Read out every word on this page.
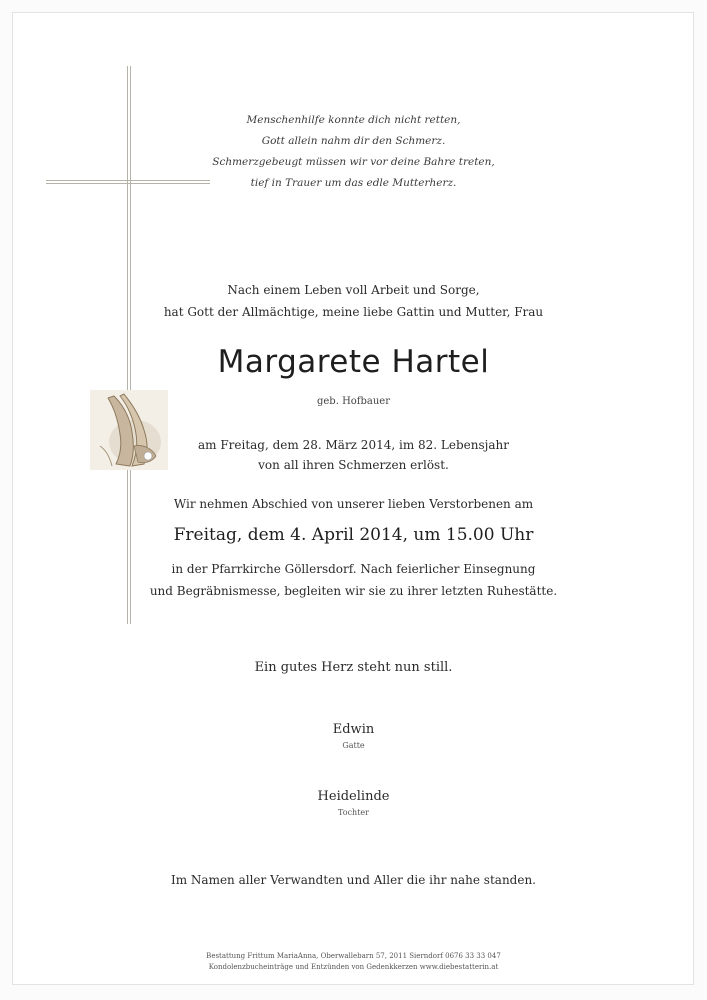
Menschenhilfe konnte dich nicht retten,
Gott allein nahm dir den Schmerz.
Schmerzgebeugt müssen wir vor deine Bahre treten,
tief in Trauer um das edle Mutterherz.
Nach einem Leben voll Arbeit und Sorge,
hat Gott der Allmächtige, meine liebe Gattin und Mutter, Frau
Margarete Hartel
geb. Hofbauer
am Freitag, dem 28. März 2014, im 82. Lebensjahr
von all ihren Schmerzen erlöst.
Wir nehmen Abschied von unserer lieben Verstorbenen am
Freitag, dem 4. April 2014, um 15.00 Uhr
in der Pfarrkirche Göllersdorf. Nach feierlicher Einsegnung
und Begräbnismesse, begleiten wir sie zu ihrer letzten Ruhestätte.
Ein gutes Herz steht nun still.
Edwin
Gatte
Heidelinde
Tochter
Im Namen aller Verwandten und Aller die ihr nahe standen.
Bestattung Frittum MariaAnna, Oberwallebarn 57, 2011 Sierndorf 0676 33 33 047
Kondolenzbucheinträge und Entzünden von Gedenkkerzen www.diebestatterin.at
